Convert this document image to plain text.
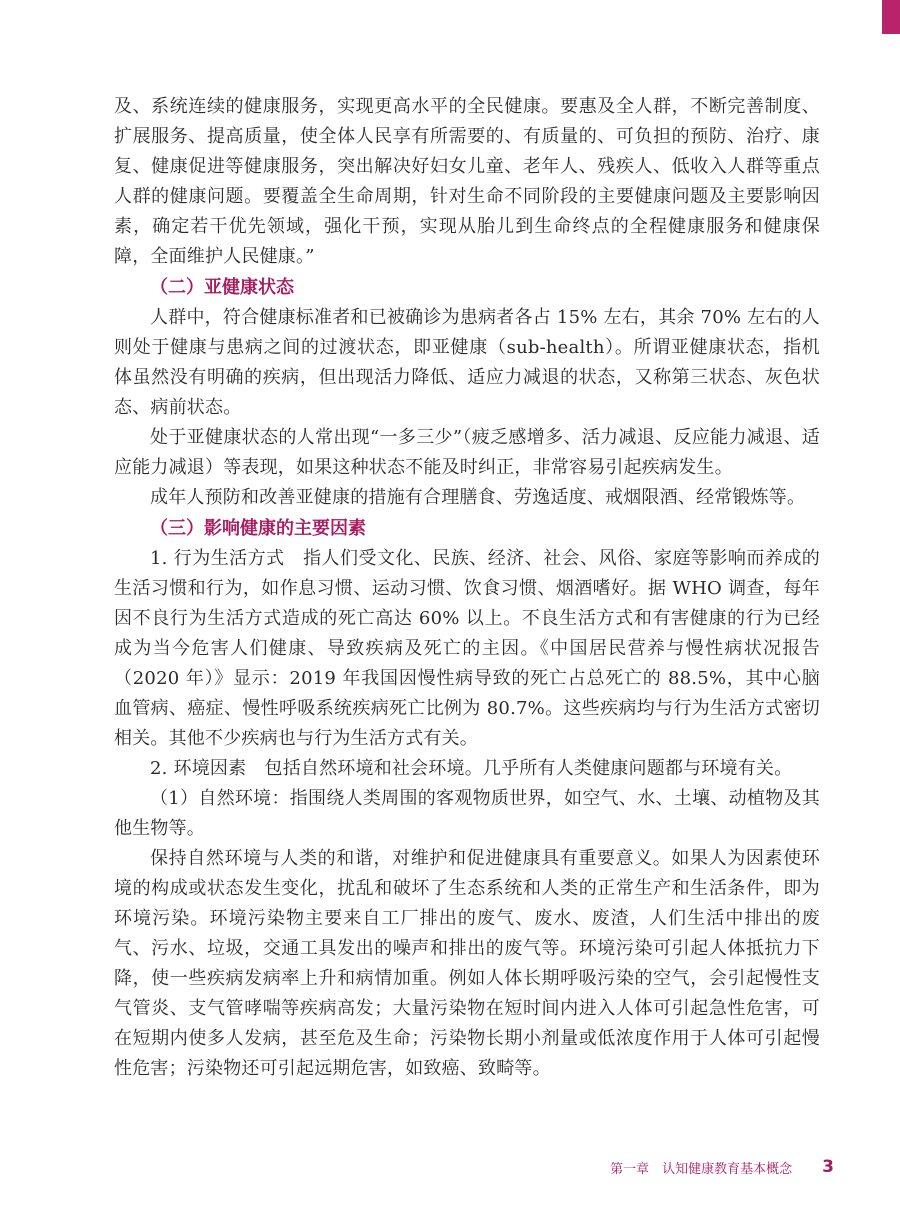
及、系统连续的健康服务，实现更高水平的全民健康。要惠及全人群，不断完善制度、扩展服务、提高质量，使全体人民享有所需要的、有质量的、可负担的预防、治疗、康复、健康促进等健康服务，突出解决好妇女儿童、老年人、残疾人、低收入人群等重点人群的健康问题。要覆盖全生命周期，针对生命不同阶段的主要健康问题及主要影响因素，确定若干优先领域，强化干预，实现从胎儿到生命终点的全程健康服务和健康保障，全面维护人民健康。”

（二）亚健康状态

人群中，符合健康标准者和已被确诊为患病者各占 15% 左右，其余 70% 左右的人则处于健康与患病之间的过渡状态，即亚健康（sub-health）。所谓亚健康状态，指机体虽然没有明确的疾病，但出现活力降低、适应力减退的状态，又称第三状态、灰色状态、病前状态。

处于亚健康状态的人常出现“一多三少”（疲乏感增多、活力减退、反应能力减退、适应能力减退）等表现，如果这种状态不能及时纠正，非常容易引起疾病发生。

成年人预防和改善亚健康的措施有合理膳食、劳逸适度、戒烟限酒、经常锻炼等。

（三）影响健康的主要因素

1. 行为生活方式　指人们受文化、民族、经济、社会、风俗、家庭等影响而养成的生活习惯和行为，如作息习惯、运动习惯、饮食习惯、烟酒嗜好。据 WHO 调查，每年因不良行为生活方式造成的死亡高达 60% 以上。不良生活方式和有害健康的行为已经成为当今危害人们健康、导致疾病及死亡的主因。《中国居民营养与慢性病状况报告（2020 年）》显示：2019 年我国因慢性病导致的死亡占总死亡的 88.5%，其中心脑血管病、癌症、慢性呼吸系统疾病死亡比例为 80.7%。这些疾病均与行为生活方式密切相关。其他不少疾病也与行为生活方式有关。

2. 环境因素　包括自然环境和社会环境。几乎所有人类健康问题都与环境有关。

（1）自然环境：指围绕人类周围的客观物质世界，如空气、水、土壤、动植物及其他生物等。

保持自然环境与人类的和谐，对维护和促进健康具有重要意义。如果人为因素使环境的构成或状态发生变化，扰乱和破坏了生态系统和人类的正常生产和生活条件，即为环境污染。环境污染物主要来自工厂排出的废气、废水、废渣，人们生活中排出的废气、污水、垃圾，交通工具发出的噪声和排出的废气等。环境污染可引起人体抵抗力下降，使一些疾病发病率上升和病情加重。例如人体长期呼吸污染的空气，会引起慢性支气管炎、支气管哮喘等疾病高发；大量污染物在短时间内进入人体可引起急性危害，可在短期内使多人发病，甚至危及生命；污染物长期小剂量或低浓度作用于人体可引起慢性危害；污染物还可引起远期危害，如致癌、致畸等。

第一章　认知健康教育基本概念 3
